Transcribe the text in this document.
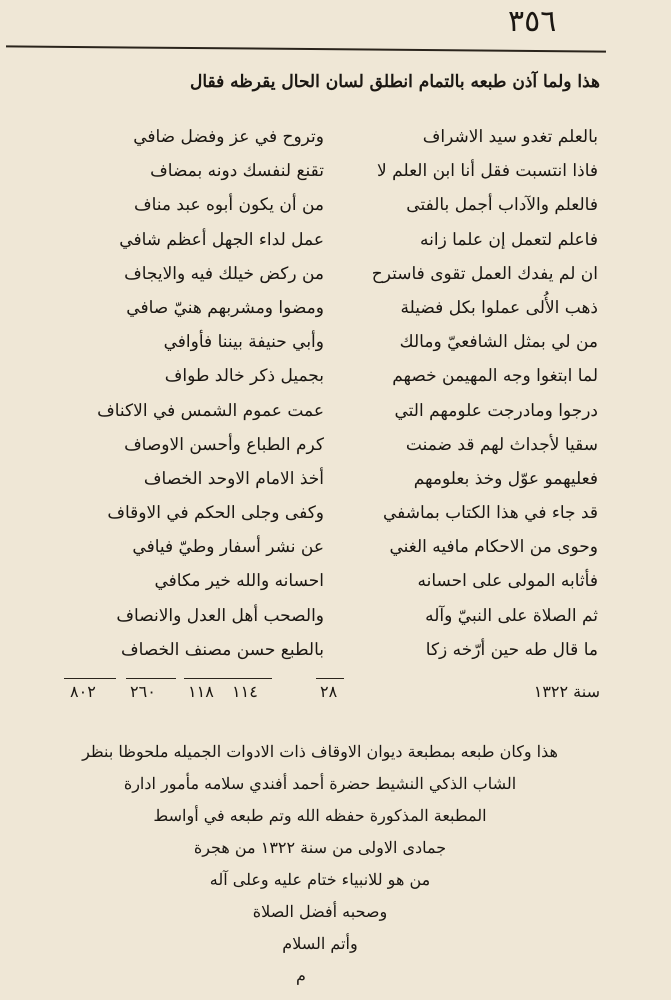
٣٥٦
هذا ولما آذن طبعه بالتمام انطلق لسان الحال يقرظه فقال
بالعلم تغدو سيد الاشراف
فاذا انتسبت فقل أنا ابن العلم لا
فالعلم والآداب أجمل بالفتى
فاعلم لتعمل إن علما زانه
ان لم يفدك العمل تقوى فاسترح
ذهب الأُلى عملوا بكل فضيلة
من لي بمثل الشافعيّ ومالك
لما ابتغوا وجه المهيمن خصهم
درجوا ومادرجت علومهم التي
سقيا لأجداث لهم قد ضمنت
فعليهمو عوّل وخذ بعلومهم
قد جاء في هذا الكتاب بماشفي
وحوى من الاحكام مافيه الغني
فأثابه المولى على احسانه
ثم الصلاة على النبيّ وآله
ما قال طه حين أرّخه زكا
وتروح في عز وفضل ضافي
تقنع لنفسك دونه بمضاف
من أن يكون أبوه عبد مناف
عمل لداء الجهل أعظم شافي
من ركض خيلك فيه والايجاف
ومضوا ومشربهم هنيّ صافي
وأبي حنيفة بيننا فأوافي
بجميل ذكر خالد طواف
عمت عموم الشمس في الاكناف
كرم الطباع وأحسن الاوصاف
أخذ الامام الاوحد الخصاف
وكفى وجلى الحكم في الاوقاف
عن نشر أسفار وطيّ فيافي
احسانه والله خير مكافي
والصحب أهل العدل والانصاف
بالطبع حسن مصنف الخصاف
سنة ١٣٢٢
٢٨
١١٤
١١٨
٢٦٠
٨٠٢
هذا وكان طبعه بمطبعة ديوان الاوقاف ذات الادوات الجميله ملحوظا بنظر
الشاب الذكي النشيط حضرة أحمد أفندي سلامه مأمور ادارة
المطبعة المذكورة حفظه الله وتم طبعه في أواسط
جمادى الاولى من سنة ١٣٢٢ من هجرة
من هو للانبياء ختام عليه وعلى آله
وصحبه أفضل الصلاة
وأتم السلام
م
